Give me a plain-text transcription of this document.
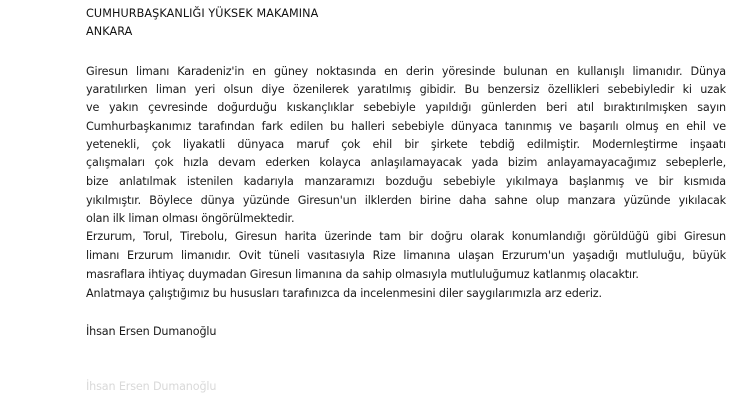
CUMHURBAŞKANLIĞI YÜKSEK MAKAMINA
ANKARA
Giresun limanı Karadeniz'in en güney noktasında en derin yöresinde bulunan en kullanışlı limanıdır. Dünya
yaratılırken liman yeri olsun diye özenilerek yaratılmış gibidir. Bu benzersiz özellikleri sebebiyledir ki uzak
ve yakın çevresinde doğurduğu kıskançlıklar sebebiyle yapıldığı günlerden beri atıl bıraktırılmışken sayın
Cumhurbaşkanımız tarafından fark edilen bu halleri sebebiyle dünyaca tanınmış ve başarılı olmuş en ehil ve
yetenekli, çok liyakatli dünyaca maruf çok ehil bir şirkete tebdiğ edilmiştir. Modernleştirme inşaatı
çalışmaları çok hızla devam ederken kolayca anlaşılamayacak yada bizim anlayamayacağımız sebeplerle,
bize anlatılmak istenilen kadarıyla manzaramızı bozduğu sebebiyle yıkılmaya başlanmış ve bir kısmıda
yıkılmıştır. Böylece dünya yüzünde Giresun'un ilklerden birine daha sahne olup manzara yüzünde yıkılacak
olan ilk liman olması öngörülmektedir.
Erzurum, Torul, Tirebolu, Giresun harita üzerinde tam bir doğru olarak konumlandığı görüldüğü gibi Giresun
limanı Erzurum limanıdır. Ovit tüneli vasıtasıyla Rize limanına ulaşan Erzurum'un yaşadığı mutluluğu, büyük
masraflara ihtiyaç duymadan Giresun limanına da sahip olmasıyla mutluluğumuz katlanmış olacaktır.
Anlatmaya çalıştığımız bu hususları tarafınızca da incelenmesini diler saygılarımızla arz ederiz.
İhsan Ersen Dumanoğlu
İhsan Ersen Dumanoğlu
